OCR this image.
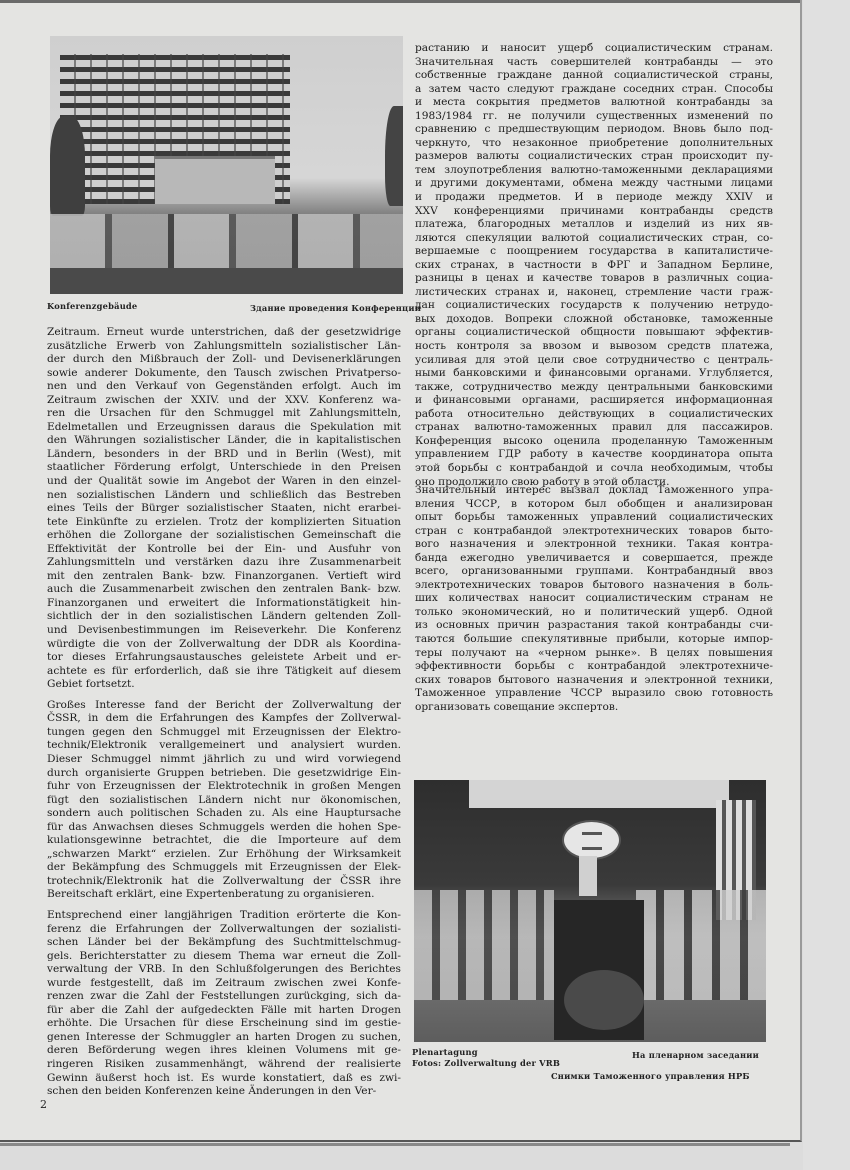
Konferenzgebäude	Здание проведения Конференции

Zeitraum. Erneut wurde unterstrichen, daß der gesetzwidrige
zusätzliche Erwerb von Zahlungsmitteln sozialistischer Län-
der durch den Mißbrauch der Zoll- und Devisenerklärungen
sowie anderer Dokumente, den Tausch zwischen Privatperso-
nen und den Verkauf von Gegenständen erfolgt. Auch im
Zeitraum zwischen der XXIV. und der XXV. Konferenz wa-
ren die Ursachen für den Schmuggel mit Zahlungsmitteln,
Edelmetallen und Erzeugnissen daraus die Spekulation mit
den Währungen sozialistischer Länder, die in kapitalistischen
Ländern, besonders in der BRD und in Berlin (West), mit
staatlicher Förderung erfolgt, Unterschiede in den Preisen
und der Qualität sowie im Angebot der Waren in den einzel-
nen sozialistischen Ländern und schließlich das Bestreben
eines Teils der Bürger sozialistischer Staaten, nicht erarbei-
tete Einkünfte zu erzielen. Trotz der komplizierten Situation
erhöhen die Zollorgane der sozialistischen Gemeinschaft die
Effektivität der Kontrolle bei der Ein- und Ausfuhr von
Zahlungsmitteln und verstärken dazu ihre Zusammenarbeit
mit den zentralen Bank- bzw. Finanzorganen. Vertieft wird
auch die Zusammenarbeit zwischen den zentralen Bank- bzw.
Finanzorganen und erweitert die Informationstätigkeit hin-
sichtlich der in den sozialistischen Ländern geltenden Zoll-
und Devisenbestimmungen im Reiseverkehr. Die Konferenz
würdigte die von der Zollverwaltung der DDR als Koordina-
tor dieses Erfahrungsaustausches geleistete Arbeit und er-
achtete es für erforderlich, daß sie ihre Tätigkeit auf diesem
Gebiet fortsetzt.

Großes Interesse fand der Bericht der Zollverwaltung der
ČSSR, in dem die Erfahrungen des Kampfes der Zollverwal-
tungen gegen den Schmuggel mit Erzeugnissen der Elektro-
technik/Elektronik verallgemeinert und analysiert wurden.
Dieser Schmuggel nimmt jährlich zu und wird vorwiegend
durch organisierte Gruppen betrieben. Die gesetzwidrige Ein-
fuhr von Erzeugnissen der Elektrotechnik in großen Mengen
fügt den sozialistischen Ländern nicht nur ökonomischen,
sondern auch politischen Schaden zu. Als eine Hauptursache
für das Anwachsen dieses Schmuggels werden die hohen Spe-
kulationsgewinne betrachtet, die die Importeure auf dem
„schwarzen Markt“ erzielen. Zur Erhöhung der Wirksamkeit
der Bekämpfung des Schmuggels mit Erzeugnissen der Elek-
trotechnik/Elektronik hat die Zollverwaltung der ČSSR ihre
Bereitschaft erklärt, eine Expertenberatung zu organisieren.

Entsprechend einer langjährigen Tradition erörterte die Kon-
ferenz die Erfahrungen der Zollverwaltungen der sozialisti-
schen Länder bei der Bekämpfung des Suchtmittelschmug-
gels. Berichterstatter zu diesem Thema war erneut die Zoll-
verwaltung der VRB. In den Schlußfolgerungen des Berichtes
wurde festgestellt, daß im Zeitraum zwischen zwei Konfe-
renzen zwar die Zahl der Feststellungen zurückging, sich da-
für aber die Zahl der aufgedeckten Fälle mit harten Drogen
erhöhte. Die Ursachen für diese Erscheinung sind im gestie-
genen Interesse der Schmuggler an harten Drogen zu suchen,
deren Beförderung wegen ihres kleinen Volumens mit ge-
ringeren Risiken zusammenhängt, während der realisierte
Gewinn äußerst hoch ist. Es wurde konstatiert, daß es zwi-
schen den beiden Konferenzen keine Änderungen in den Ver-

растанию и наносит ущерб социалистическим странам.
Значительная часть совершителей контрабанды — это
собственные граждане данной социалистической страны,
а затем часто следуют граждане соседних стран. Способы
и места сокрытия предметов валютной контрабанды за
1983/1984 гг. не получили существенных изменений по
сравнению с предшествующим периодом. Вновь было под-
черкнуто, что незаконное приобретение дополнительных
размеров валюты социалистических стран происходит пу-
тем злоупотребления валютно-таможенными декларациями
и другими документами, обмена между частными лицами
и продажи предметов. И в периоде между XXIV и
XXV конференциями причинами контрабанды средств
платежа, благородных металлов и изделий из них яв-
ляются спекуляции валютой социалистических стран, со-
вершаемые с поощрением государства в капиталистиче-
ских странах, в частности в ФРГ и Западном Берлине,
разницы в ценах и качестве товаров в различных социа-
листических странах и, наконец, стремление части граж-
дан социалистических государств к получению нетрудо-
вых доходов. Вопреки сложной обстановке, таможенные
органы социалистической общности повышают эффектив-
ность контроля за ввозом и вывозом средств платежа,
усиливая для этой цели свое сотрудничество с централь-
ными банковскими и финансовыми органами. Углубляется,
также, сотрудничество между центральными банковскими
и финансовыми органами, расширяется информационная
работа относительно действующих в социалистических
странах валютно-таможенных правил для пассажиров.
Конференция высоко оценила проделанную Таможенным
управлением ГДР работу в качестве координатора опыта
этой борьбы с контрабандой и сочла необходимым, чтобы
оно продолжило свою работу в этой области.

Значительный интерес вызвал доклад Таможенного упра-
вления ЧССР, в котором был обобщен и анализирован
опыт борьбы таможенных управлений социалистических
стран с контрабандой электротехнических товаров быто-
вого назначения и электронной техники. Такая контра-
банда ежегодно увеличивается и совершается, прежде
всего, организованными группами. Контрабандный ввоз
электротехнических товаров бытового назначения в боль-
ших количествах наносит социалистическим странам не
только экономический, но и политический ущерб. Одной
из основных причин разрастания такой контрабанды счи-
таются большие спекулятивные прибыли, которые импор-
теры получают на «черном рынке». В целях повышения
эффективности борьбы с контрабандой электротехниче-
ских товаров бытового назначения и электронной техники,
Таможенное управление ЧССР выразило свою готовность
организовать совещание экспертов.

Plenartagung	На пленарном заседании
Fotos: Zollverwaltung der VRB
Снимки Таможенного управления НРБ
2
